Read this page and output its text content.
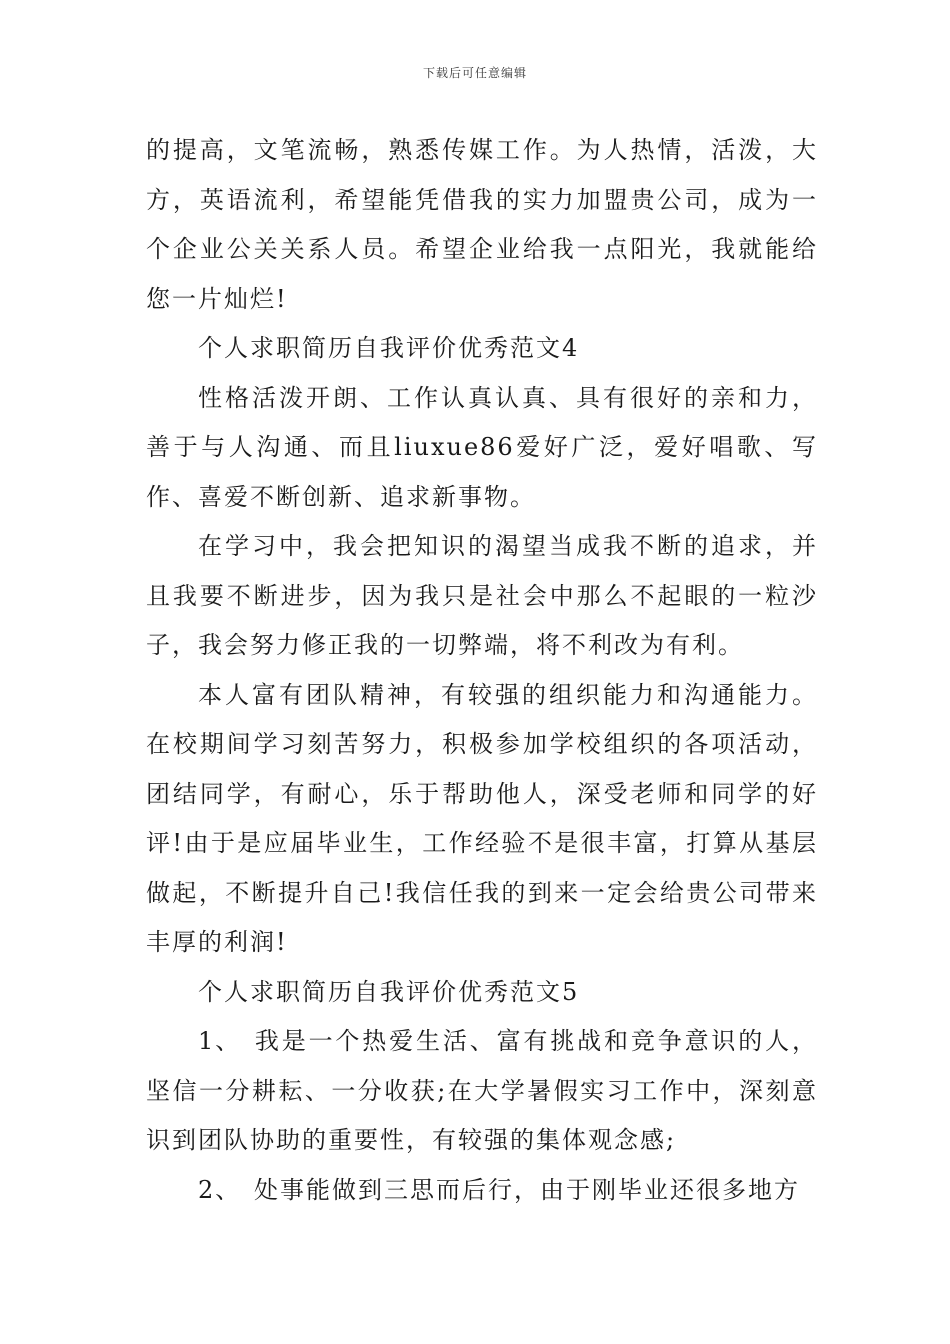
下载后可任意编辑

的提高，文笔流畅，熟悉传媒工作。为人热情，活泼，大方，英语流利，希望能凭借我的实力加盟贵公司，成为一个企业公关关系人员。希望企业给我一点阳光，我就能给您一片灿烂!

个人求职简历自我评价优秀范文4

性格活泼开朗、工作认真认真、具有很好的亲和力，善于与人沟通、而且liuxue86爱好广泛，爱好唱歌、写作、喜爱不断创新、追求新事物。

在学习中，我会把知识的渴望当成我不断的追求，并且我要不断进步，因为我只是社会中那么不起眼的一粒沙子，我会努力修正我的一切弊端，将不利改为有利。

本人富有团队精神，有较强的组织能力和沟通能力。在校期间学习刻苦努力，积极参加学校组织的各项活动，团结同学，有耐心，乐于帮助他人，深受老师和同学的好评!由于是应届毕业生，工作经验不是很丰富，打算从基层做起，不断提升自己!我信任我的到来一定会给贵公司带来丰厚的利润!

个人求职简历自我评价优秀范文5

1、 我是一个热爱生活、富有挑战和竞争意识的人，坚信一分耕耘、一分收获;在大学暑假实习工作中，深刻意识到团队协助的重要性，有较强的集体观念感;

2、 处事能做到三思而后行，由于刚毕业还很多地方
